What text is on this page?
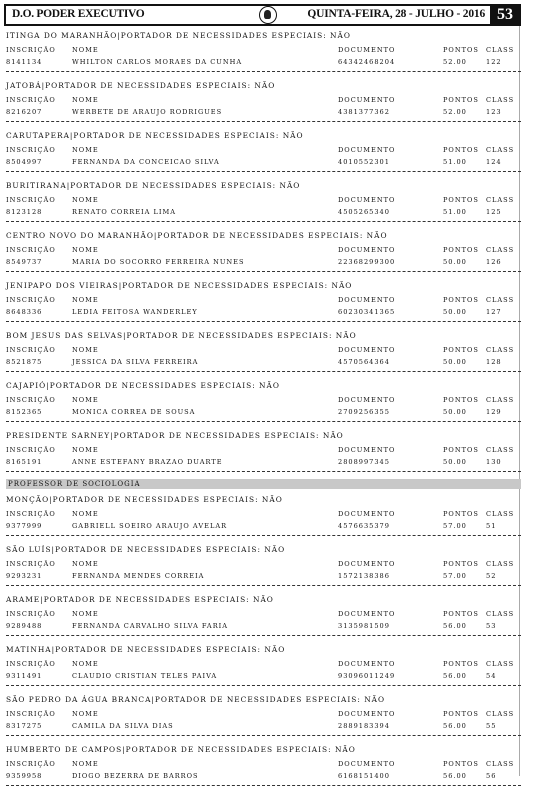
D.O. PODER EXECUTIVO	QUINTA-FEIRA, 28 - JULHO - 2016 53
ITINGA DO MARANHÃO|PORTADOR DE NECESSIDADES ESPECIAIS: NÃO
INSCRIÇÃO NOME	DOCUMENTO	PONTOS CLASS
8141134	WHILTON CARLOS MORAES DA CUNHA	64342468204	52.00	122
JATOBÁ|PORTADOR DE NECESSIDADES ESPECIAIS: NÃO
INSCRIÇÃO NOME	DOCUMENTO	PONTOS CLASS
8216207	WERBETE DE ARAUJO RODRIGUES	4381377362	52.00	123
CARUTAPERA|PORTADOR DE NECESSIDADES ESPECIAIS: NÃO
INSCRIÇÃO NOME	DOCUMENTO	PONTOS CLASS
8504997	FERNANDA DA CONCEICAO SILVA	4010552301	51.00	124
BURITIRANA|PORTADOR DE NECESSIDADES ESPECIAIS: NÃO
INSCRIÇÃO NOME	DOCUMENTO	PONTOS CLASS
8123128	RENATO CORREIA LIMA	4505265340	51.00	125
CENTRO NOVO DO MARANHÃO|PORTADOR DE NECESSIDADES ESPECIAIS: NÃO
INSCRIÇÃO NOME	DOCUMENTO	PONTOS CLASS
8549737	MARIA DO SOCORRO FERREIRA NUNES	22368299300	50.00	126
JENIPAPO DOS VIEIRAS|PORTADOR DE NECESSIDADES ESPECIAIS: NÃO
INSCRIÇÃO NOME	DOCUMENTO	PONTOS CLASS
8648336	LEDIA FEITOSA WANDERLEY	60230341365	50.00	127
BOM JESUS DAS SELVAS|PORTADOR DE NECESSIDADES ESPECIAIS: NÃO
INSCRIÇÃO NOME	DOCUMENTO	PONTOS CLASS
8521875	JESSICA DA SILVA FERREIRA	4570564364	50.00	128
CAJAPIÓ|PORTADOR DE NECESSIDADES ESPECIAIS: NÃO
INSCRIÇÃO NOME	DOCUMENTO	PONTOS CLASS
8152365	MONICA CORREA DE SOUSA	2709256355	50.00	129
PRESIDENTE SARNEY|PORTADOR DE NECESSIDADES ESPECIAIS: NÃO
INSCRIÇÃO NOME	DOCUMENTO	PONTOS CLASS
8165191	ANNE ESTEFANY BRAZAO DUARTE	2808997345	50.00	130
PROFESSOR DE SOCIOLOGIA
MONÇÃO|PORTADOR DE NECESSIDADES ESPECIAIS: NÃO
INSCRIÇÃO NOME	DOCUMENTO	PONTOS CLASS
9377999	GABRIELL SOEIRO ARAUJO AVELAR	4576635379	57.00	51
SÃO LUÍS|PORTADOR DE NECESSIDADES ESPECIAIS: NÃO
INSCRIÇÃO NOME	DOCUMENTO	PONTOS CLASS
9293231	FERNANDA MENDES CORREIA	1572138386	57.00	52
ARAME|PORTADOR DE NECESSIDADES ESPECIAIS: NÃO
INSCRIÇÃO NOME	DOCUMENTO	PONTOS CLASS
9289488	FERNANDA CARVALHO SILVA FARIA	3135981509	56.00	53
MATINHA|PORTADOR DE NECESSIDADES ESPECIAIS: NÃO
INSCRIÇÃO NOME	DOCUMENTO	PONTOS CLASS
9311491	CLAUDIO CRISTIAN TELES PAIVA	93096011249	56.00	54
SÃO PEDRO DA ÁGUA BRANCA|PORTADOR DE NECESSIDADES ESPECIAIS: NÃO
INSCRIÇÃO NOME	DOCUMENTO	PONTOS CLASS
8317275	CAMILA DA SILVA DIAS	2889183394	56.00	55
HUMBERTO DE CAMPOS|PORTADOR DE NECESSIDADES ESPECIAIS: NÃO
INSCRIÇÃO NOME	DOCUMENTO	PONTOS CLASS
9359958	DIOGO BEZERRA DE BARROS	6168151400	56.00	56
